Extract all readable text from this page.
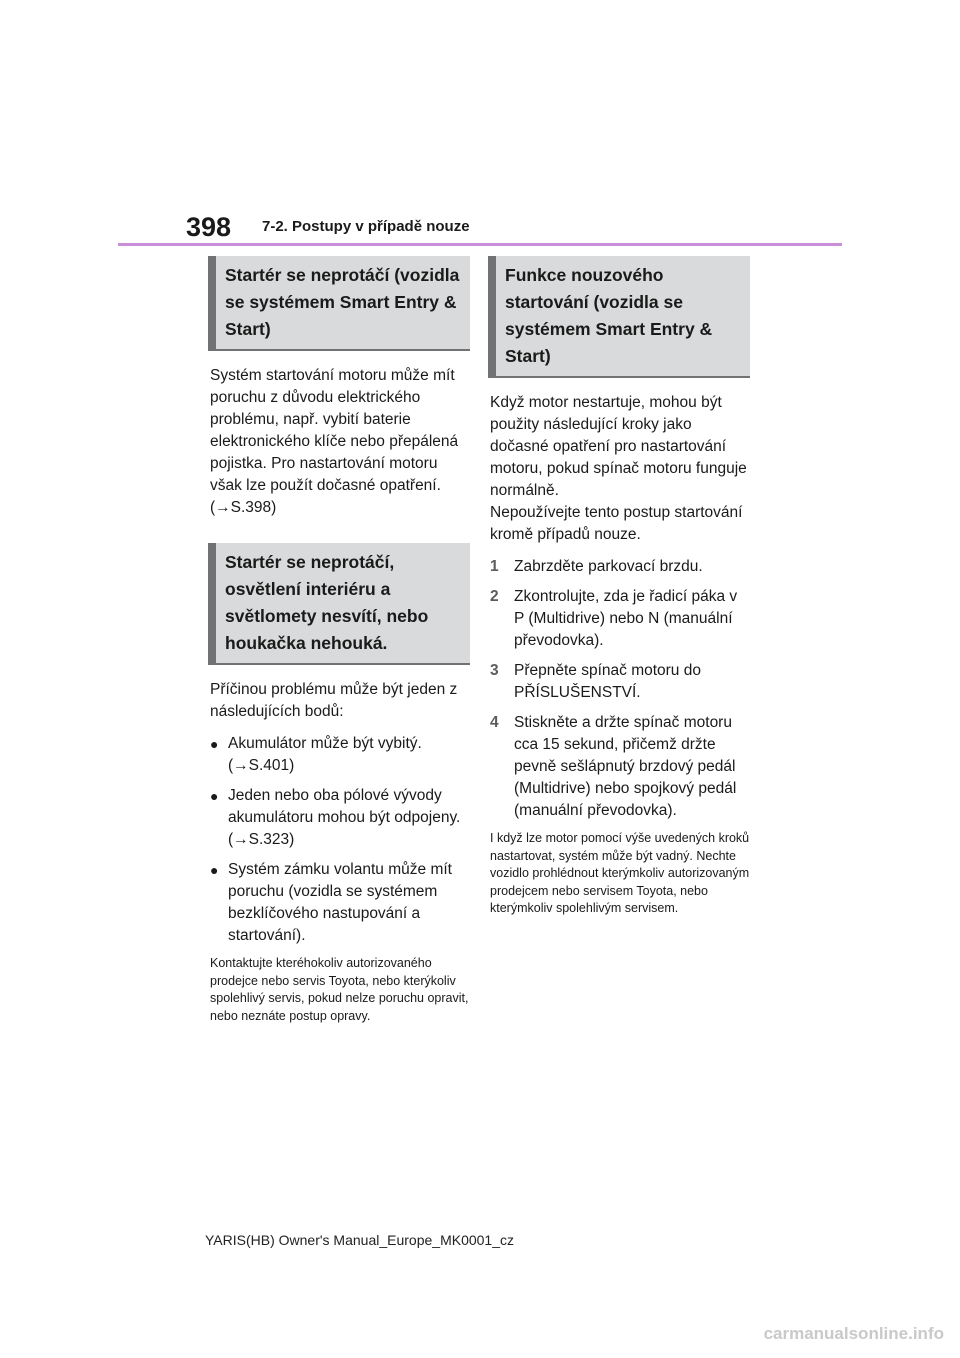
398 7-2. Postupy v případě nouze
Startér se neprotáčí (vozidla se systémem Smart Entry & Start)
Systém startování motoru může mít poruchu z důvodu elektrického problému, např. vybití baterie elektronického klíče nebo přepálená pojistka. Pro nastartování motoru však lze použít dočasné opatření. (→S.398)
Startér se neprotáčí, osvětlení interiéru a světlomety nesvítí, nebo houkačka nehouká.
Příčinou problému může být jeden z následujících bodů:
● Akumulátor může být vybitý. (→S.401)
● Jeden nebo oba pólové vývody akumulátoru mohou být odpojeny. (→S.323)
● Systém zámku volantu může mít poruchu (vozidla se systémem bezklíčového nastupování a startování).
Kontaktujte kteréhokoliv autorizovaného prodejce nebo servis Toyota, nebo kterýkoliv spolehlivý servis, pokud nelze poruchu opravit, nebo neznáte postup opravy.
Funkce nouzového startování (vozidla se systémem Smart Entry & Start)
Když motor nestartuje, mohou být použity následující kroky jako dočasné opatření pro nastartování motoru, pokud spínač motoru funguje normálně.
Nepoužívejte tento postup startování kromě případů nouze.
1 Zabrzděte parkovací brzdu.
2 Zkontrolujte, zda je řadicí páka v P (Multidrive) nebo N (manuální převodovka).
3 Přepněte spínač motoru do PŘÍSLUŠENSTVÍ.
4 Stiskněte a držte spínač motoru cca 15 sekund, přičemž držte pevně sešlápnutý brzdový pedál (Multidrive) nebo spojkový pedál (manuální převodovka).
I když lze motor pomocí výše uvedených kroků nastartovat, systém může být vadný. Nechte vozidlo prohlédnout kterýmkoliv autorizovaným prodejcem nebo servisem Toyota, nebo kterýmkoliv spolehlivým servisem.
YARIS(HB) Owner's Manual_Europe_MK0001_cz
carmanualsonline.info
